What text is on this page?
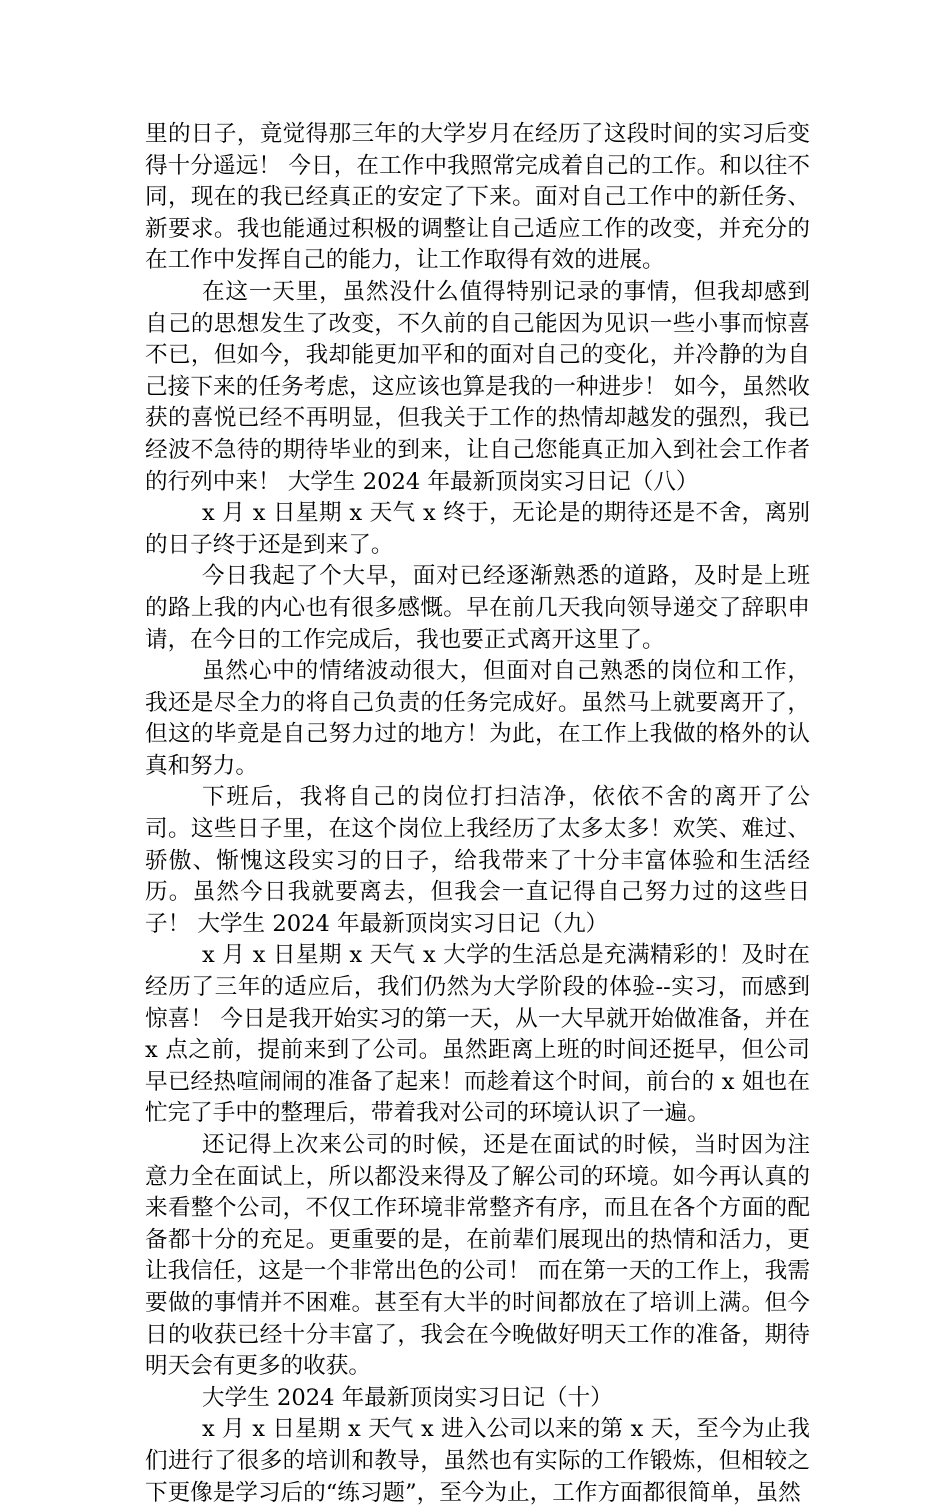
里的日子，竟觉得那三年的大学岁月在经历了这段时间的实习后变得十分遥远！ 今日，在工作中我照常完成着自己的工作。和以往不同，现在的我已经真正的安定了下来。面对自己工作中的新任务、新要求。我也能通过积极的调整让自己适应工作的改变，并充分的在工作中发挥自己的能力，让工作取得有效的进展。

在这一天里，虽然没什么值得特别记录的事情，但我却感到自己的思想发生了改变，不久前的自己能因为见识一些小事而惊喜不已，但如今，我却能更加平和的面对自己的变化，并冷静的为自己接下来的任务考虑，这应该也算是我的一种进步！ 如今，虽然收获的喜悦已经不再明显，但我关于工作的热情却越发的强烈，我已经波不急待的期待毕业的到来，让自己您能真正加入到社会工作者的行列中来！ 大学生 2024 年最新顶岗实习日记（八）

x 月 x 日星期 x 天气 x 终于，无论是的期待还是不舍，离别的日子终于还是到来了。

今日我起了个大早，面对已经逐渐熟悉的道路，及时是上班的路上我的内心也有很多感慨。早在前几天我向领导递交了辞职申请，在今日的工作完成后，我也要正式离开这里了。

虽然心中的情绪波动很大，但面对自己熟悉的岗位和工作，我还是尽全力的将自己负责的任务完成好。虽然马上就要离开了，但这的毕竟是自己努力过的地方！为此，在工作上我做的格外的认真和努力。

下班后，我将自己的岗位打扫洁净，依依不舍的离开了公司。这些日子里，在这个岗位上我经历了太多太多！欢笑、难过、骄傲、惭愧这段实习的日子，给我带来了十分丰富体验和生活经历。虽然今日我就要离去，但我会一直记得自己努力过的这些日子！ 大学生 2024 年最新顶岗实习日记（九）

x 月 x 日星期 x 天气 x 大学的生活总是充满精彩的！及时在经历了三年的适应后，我们仍然为大学阶段的体验--实习，而感到惊喜！ 今日是我开始实习的第一天，从一大早就开始做准备，并在 x 点之前，提前来到了公司。虽然距离上班的时间还挺早，但公司早已经热喧闹闹的准备了起来！而趁着这个时间，前台的 x 姐也在忙完了手中的整理后，带着我对公司的环境认识了一遍。

还记得上次来公司的时候，还是在面试的时候，当时因为注意力全在面试上，所以都没来得及了解公司的环境。如今再认真的来看整个公司，不仅工作环境非常整齐有序，而且在各个方面的配备都十分的充足。更重要的是，在前辈们展现出的热情和活力，更让我信任，这是一个非常出色的公司！ 而在第一天的工作上，我需要做的事情并不困难。甚至有大半的时间都放在了培训上满。但今日的收获已经十分丰富了，我会在今晚做好明天工作的准备，期待明天会有更多的收获。

大学生 2024 年最新顶岗实习日记（十）

x 月 x 日星期 x 天气 x 进入公司以来的第 x 天，至今为止我们进行了很多的培训和教导，虽然也有实际的工作锻炼，但相较之下更像是学习后的“练习题”，至今为止，工作方面都很简单，虽然
